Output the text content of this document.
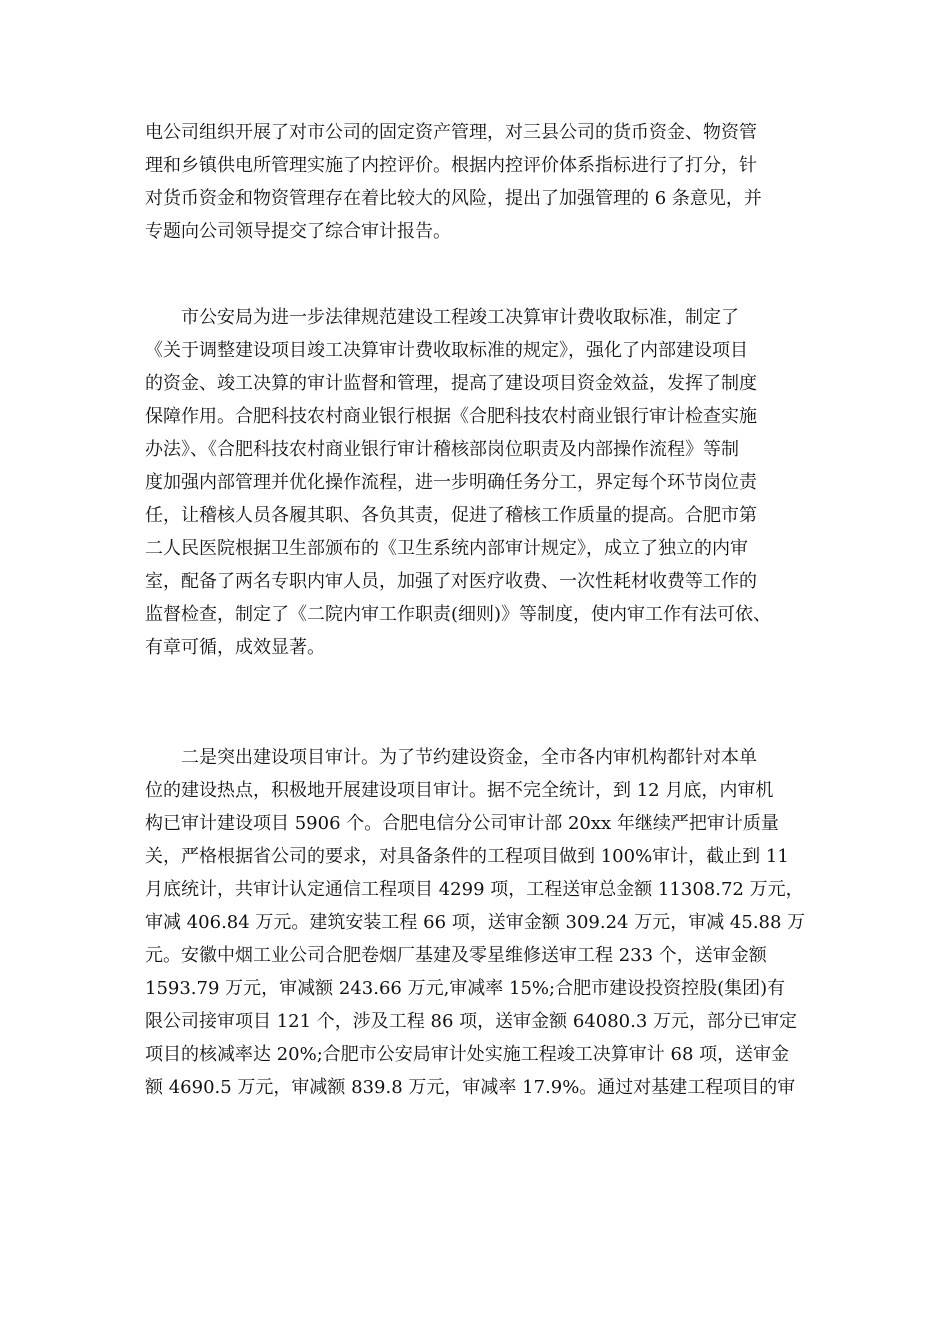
电公司组织开展了对市公司的固定资产管理，对三县公司的货币资金、物资管
理和乡镇供电所管理实施了内控评价。根据内控评价体系指标进行了打分，针
对货币资金和物资管理存在着比较大的风险，提出了加强管理的 6 条意见，并
专题向公司领导提交了综合审计报告。
市公安局为进一步法律规范建设工程竣工决算审计费收取标准，制定了
《关于调整建设项目竣工决算审计费收取标准的规定》，强化了内部建设项目
的资金、竣工决算的审计监督和管理，提高了建设项目资金效益，发挥了制度
保障作用。合肥科技农村商业银行根据《合肥科技农村商业银行审计检查实施
办法》、《合肥科技农村商业银行审计稽核部岗位职责及内部操作流程》等制
度加强内部管理并优化操作流程，进一步明确任务分工，界定每个环节岗位责
任，让稽核人员各履其职、各负其责，促进了稽核工作质量的提高。合肥市第
二人民医院根据卫生部颁布的《卫生系统内部审计规定》，成立了独立的内审
室，配备了两名专职内审人员，加强了对医疗收费、一次性耗材收费等工作的
监督检查，制定了《二院内审工作职责(细则)》等制度，使内审工作有法可依、
有章可循，成效显著。
二是突出建设项目审计。为了节约建设资金，全市各内审机构都针对本单
位的建设热点，积极地开展建设项目审计。据不完全统计，到 12 月底，内审机
构已审计建设项目 5906 个。合肥电信分公司审计部 20xx 年继续严把审计质量
关，严格根据省公司的要求，对具备条件的工程项目做到 100%审计，截止到 11
月底统计，共审计认定通信工程项目 4299 项，工程送审总金额 11308.72 万元，
审减 406.84 万元。建筑安装工程 66 项，送审金额 309.24 万元，审减 45.88 万
元。安徽中烟工业公司合肥卷烟厂基建及零星维修送审工程 233 个，送审金额
1593.79 万元，审减额 243.66 万元,审减率 15%;合肥市建设投资控股(集团)有
限公司接审项目 121 个，涉及工程 86 项，送审金额 64080.3 万元，部分已审定
项目的核减率达 20%;合肥市公安局审计处实施工程竣工决算审计 68 项，送审金
额 4690.5 万元，审减额 839.8 万元，审减率 17.9%。通过对基建工程项目的审
